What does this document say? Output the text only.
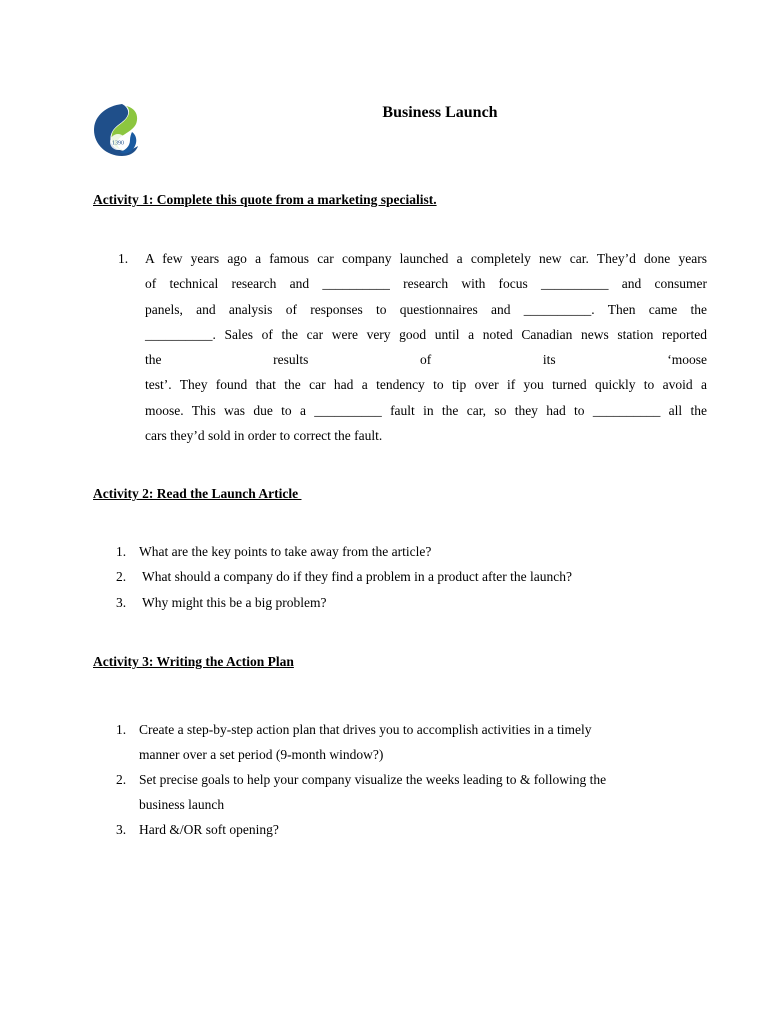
1390
Business Launch
Activity 1: Complete this quote from a marketing specialist.
1. A few years ago a famous car company launched a completely new car. They’d done years
of technical research and __________ research with focus __________ and consumer
panels, and analysis of responses to questionnaires and __________. Then came the
__________. Sales of the car were very good until a noted Canadian news station reported
the	results	of	its	‘moose
test’. They found that the car had a tendency to tip over if you turned quickly to avoid a
moose. This was due to a __________ fault in the car, so they had to __________ all the
cars they’d sold in order to correct the fault.
Activity 2: Read the Launch Article
1. What are the key points to take away from the article?
2. What should a company do if they find a problem in a product after the launch?
3. Why might this be a big problem?
Activity 3: Writing the Action Plan
1. Create a step-by-step action plan that drives you to accomplish activities in a timely
manner over a set period (9-month window?)
2. Set precise goals to help your company visualize the weeks leading to & following the
business launch
3. Hard &/OR soft opening?
